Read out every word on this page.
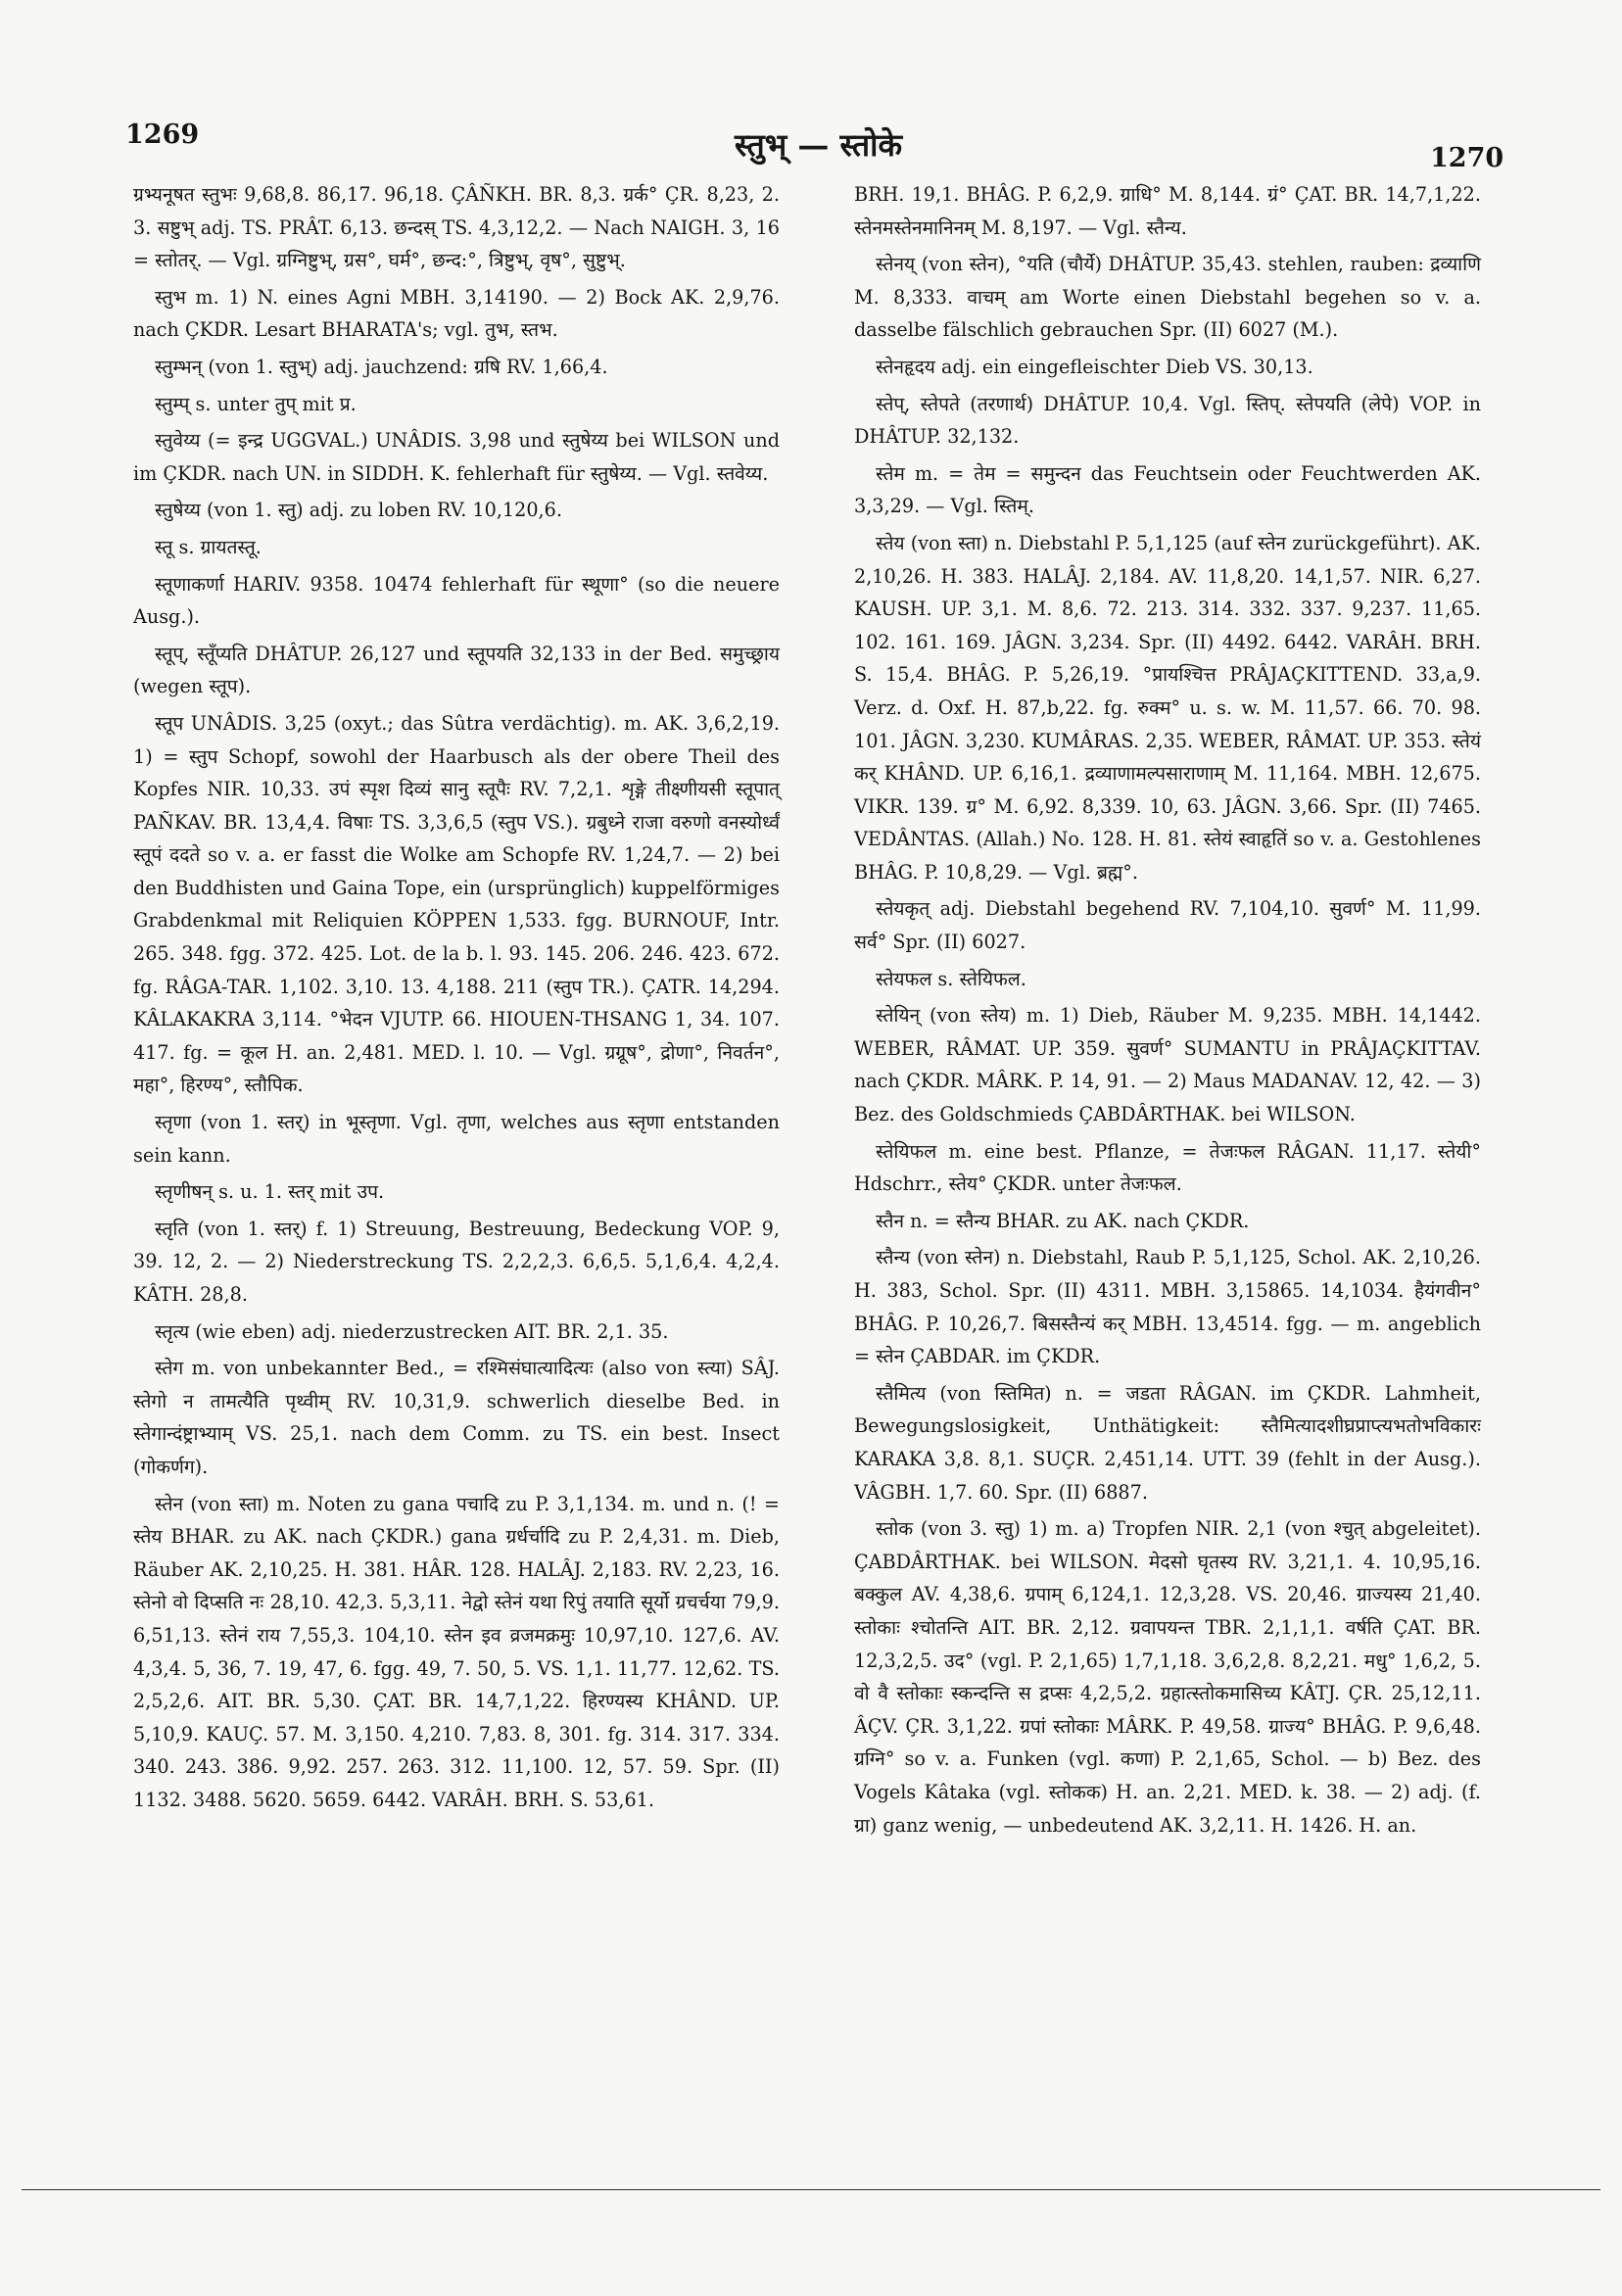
1269	स्तुभ् — स्तोके	1270

ग्रभ्यनूषत स्तुभः 9,68,8. 86,17. 96,18. ÇÂÑKH. BR. 8,3. ग्रर्क° ÇR. 8,23, 2. 3. सष्टुभ् adj. TS. PRÂT. 6,13. छन्दस् TS. 4,3,12,2. — Nach NAIGH. 3, 16 = स्तोतर्. — Vgl. ग्रग्निष्टुभ्, ग्रस°, घर्म°, छन्द:°, त्रिष्टुभ्, वृष°, सुष्टुभ्.

स्तुभ m. 1) N. eines Agni MBH. 3,14190. — 2) Bock AK. 2,9,76. nach ÇKDR. Lesart BHARATA's; vgl. तुभ, स्तभ.

स्तुम्भन् (von 1. स्तुभ्) adj. jauchzend: ग्रषि RV. 1,66,4.

स्तुम्प् s. unter तुप् mit प्र.

स्तुवेय्य (= इन्द्र UGGVAL.) UNÂDIS. 3,98 und स्तुषेय्य bei WILSON und im ÇKDR. nach UN. in SIDDH. K. fehlerhaft für स्तुषेय्य. — Vgl. स्तवेय्य.

स्तुषेय्य (von 1. स्तु) adj. zu loben RV. 10,120,6.

स्तू s. ग्रायतस्तू.

स्तूणाकर्णा HARIV. 9358. 10474 fehlerhaft für स्थूणा° (so die neuere Ausg.).

स्तूप्, स्तूँप्यति DHÂTUP. 26,127 und स्तूपयति 32,133 in der Bed. समुच्छ्राय (wegen स्तूप).

स्तूप UNÂDIS. 3,25 (oxyt.; das Sûtra verdächtig). m. AK. 3,6,2,19. 1) = स्तुप Schopf, sowohl der Haarbusch als der obere Theil des Kopfes NIR. 10,33. उपं स्पृश दिव्यं सानु स्तूपैः RV. 7,2,1. शृङ्गे तीक्ष्णीयसी स्तूपात् PAÑKAV. BR. 13,4,4. विषाः TS. 3,3,6,5 (स्तुप VS.). ग्रबुध्ने राजा वरुणो वनस्योर्ध्वं स्तूपं ददते so v. a. er fasst die Wolke am Schopfe RV. 1,24,7. — 2) bei den Buddhisten und Gaina Tope, ein (ursprünglich) kuppelförmiges Grabdenkmal mit Reliquien KÖPPEN 1,533. fgg. BURNOUF, Intr. 265. 348. fgg. 372. 425. Lot. de la b. l. 93. 145. 206. 246. 423. 672. fg. RÂGA-TAR. 1,102. 3,10. 13. 4,188. 211 (स्तुप TR.). ÇATR. 14,294. KÂLAKAKRA 3,114. °भेदन VJUTP. 66. HIOUEN-THSANG 1, 34. 107. 417. fg. = कूल H. an. 2,481. MED. l. 10. — Vgl. ग्रग्रूष°, द्रोणा°, निवर्तन°, महा°, हिरण्य°, स्तौपिक.

स्तृणा (von 1. स्तर्) in भूस्तृणा. Vgl. तृणा, welches aus स्तृणा entstanden sein kann.

स्तृणीषन् s. u. 1. स्तर् mit उप.

स्तृति (von 1. स्तर्) f. 1) Streuung, Bestreuung, Bedeckung VOP. 9, 39. 12, 2. — 2) Niederstreckung TS. 2,2,2,3. 6,6,5. 5,1,6,4. 4,2,4. KÂTH. 28,8.

स्तृत्य (wie eben) adj. niederzustrecken AIT. BR. 2,1. 35.

स्तेग m. von unbekannter Bed., = रश्मिसंघात्यादित्यः (also von स्त्या) SÂJ. स्तेगो न तामत्यैति पृथ्वीम् RV. 10,31,9. schwerlich dieselbe Bed. in स्तेगान्दंष्ट्राभ्याम् VS. 25,1. nach dem Comm. zu TS. ein best. Insect (गोकर्णग).

स्तेन (von स्ता) m. Noten zu gana पचादि zu P. 3,1,134. m. und n. (! = स्तेय BHAR. zu AK. nach ÇKDR.) gana ग्रर्धर्चादि zu P. 2,4,31. m. Dieb, Räuber AK. 2,10,25. H. 381. HÂR. 128. HALÂJ. 2,183. RV. 2,23, 16. स्तेनो वो दिप्सति नः 28,10. 42,3. 5,3,11. नेद्वो स्तेनं यथा रिपुं तयाति सूर्यो ग्रचर्चया 79,9. 6,51,13. स्तेनं राय 7,55,3. 104,10. स्तेन इव व्रजमक्रमुः 10,97,10. 127,6. AV. 4,3,4. 5, 36, 7. 19, 47, 6. fgg. 49, 7. 50, 5. VS. 1,1. 11,77. 12,62. TS. 2,5,2,6. AIT. BR. 5,30. ÇAT. BR. 14,7,1,22. हिरण्यस्य KHÂND. UP. 5,10,9. KAUÇ. 57. M. 3,150. 4,210. 7,83. 8, 301. fg. 314. 317. 334. 340. 243. 386. 9,92. 257. 263. 312. 11,100. 12, 57. 59. Spr. (II) 1132. 3488. 5620. 5659. 6442. VARÂH. BRH. S. 53,61.

BRH. 19,1. BHÂG. P. 6,2,9. ग्राधि° M. 8,144. ग्रं° ÇAT. BR. 14,7,1,22. स्तेनमस्तेनमानिनम् M. 8,197. — Vgl. स्तैन्य.

स्तेनय् (von स्तेन), °यति (चौर्ये) DHÂTUP. 35,43. stehlen, rauben: द्रव्याणि M. 8,333. वाचम् am Worte einen Diebstahl begehen so v. a. dasselbe fälschlich gebrauchen Spr. (II) 6027 (M.).

स्तेनहृदय adj. ein eingefleischter Dieb VS. 30,13.

स्तेप्, स्तेपते (तरणार्थ) DHÂTUP. 10,4. Vgl. स्तिप्. स्तेपयति (लेपे) VOP. in DHÂTUP. 32,132.

स्तेम m. = तेम = समुन्दन das Feuchtsein oder Feuchtwerden AK. 3,3,29. — Vgl. स्तिम्.

स्तेय (von स्ता) n. Diebstahl P. 5,1,125 (auf स्तेन zurückgeführt). AK. 2,10,26. H. 383. HALÂJ. 2,184. AV. 11,8,20. 14,1,57. NIR. 6,27. KAUSH. UP. 3,1. M. 8,6. 72. 213. 314. 332. 337. 9,237. 11,65. 102. 161. 169. JÂGN. 3,234. Spr. (II) 4492. 6442. VARÂH. BRH. S. 15,4. BHÂG. P. 5,26,19. °प्रायश्चित्त PRÂJAÇKITTEND. 33,a,9. Verz. d. Oxf. H. 87,b,22. fg. रुक्म° u. s. w. M. 11,57. 66. 70. 98. 101. JÂGN. 3,230. KUMÂRAS. 2,35. WEBER, RÂMAT. UP. 353. स्तेयं कर् KHÂND. UP. 6,16,1. द्रव्याणामल्पसाराणाम् M. 11,164. MBH. 12,675. VIKR. 139. ग्र° M. 6,92. 8,339. 10, 63. JÂGN. 3,66. Spr. (II) 7465. VEDÂNTAS. (Allah.) No. 128. H. 81. स्तेयं स्वाहृतिं so v. a. Gestohlenes BHÂG. P. 10,8,29. — Vgl. ब्रह्म°.

स्तेयकृत् adj. Diebstahl begehend RV. 7,104,10. सुवर्ण° M. 11,99. सर्व° Spr. (II) 6027.

स्तेयफल s. स्तेयिफल.

स्तेयिन् (von स्तेय) m. 1) Dieb, Räuber M. 9,235. MBH. 14,1442. WEBER, RÂMAT. UP. 359. सुवर्ण° SUMANTU in PRÂJAÇKITTAV. nach ÇKDR. MÂRK. P. 14, 91. — 2) Maus MADANAV. 12, 42. — 3) Bez. des Goldschmieds ÇABDÂRTHAK. bei WILSON.

स्तेयिफल m. eine best. Pflanze, = तेजःफल RÂGAN. 11,17. स्तेयी° Hdschrr., स्तेय° ÇKDR. unter तेजःफल.

स्तैन n. = स्तैन्य BHAR. zu AK. nach ÇKDR.

स्तैन्य (von स्तेन) n. Diebstahl, Raub P. 5,1,125, Schol. AK. 2,10,26. H. 383, Schol. Spr. (II) 4311. MBH. 3,15865. 14,1034. हैयंगवीन° BHÂG. P. 10,26,7. बिसस्तैन्यं कर् MBH. 13,4514. fgg. — m. angeblich = स्तेन ÇABDAR. im ÇKDR.

स्तैमित्य (von स्तिमित) n. = जडता RÂGAN. im ÇKDR. Lahmheit, Bewegungslosigkeit, Unthätigkeit: स्तैमित्यादशीघ्रप्राप्त्यभतोभविकारः KARAKA 3,8. 8,1. SUÇR. 2,451,14. UTT. 39 (fehlt in der Ausg.). VÂGBH. 1,7. 60. Spr. (II) 6887.

स्तोक (von 3. स्तु) 1) m. a) Tropfen NIR. 2,1 (von श्चुत् abgeleitet). ÇABDÂRTHAK. bei WILSON. मेदसो घृतस्य RV. 3,21,1. 4. 10,95,16. बक्कुल AV. 4,38,6. ग्रपाम् 6,124,1. 12,3,28. VS. 20,46. ग्राज्यस्य 21,40. स्तोकाः श्चोतन्ति AIT. BR. 2,12. ग्रवापयन्त TBR. 2,1,1,1. वर्षति ÇAT. BR. 12,3,2,5. उद° (vgl. P. 2,1,65) 1,7,1,18. 3,6,2,8. 8,2,21. मधु° 1,6,2, 5. वो वै स्तोकाः स्कन्दन्ति स द्रप्सः 4,2,5,2. ग्रहात्स्तोकमासिच्य KÂTJ. ÇR. 25,12,11. ÂÇV. ÇR. 3,1,22. ग्रपां स्तोकाः MÂRK. P. 49,58. ग्राज्य° BHÂG. P. 9,6,48. ग्रग्नि° so v. a. Funken (vgl. कणा) P. 2,1,65, Schol. — b) Bez. des Vogels Kâtaka (vgl. स्तोकक) H. an. 2,21. MED. k. 38. — 2) adj. (f. ग्रा) ganz wenig, — unbedeutend AK. 3,2,11. H. 1426. H. an.
